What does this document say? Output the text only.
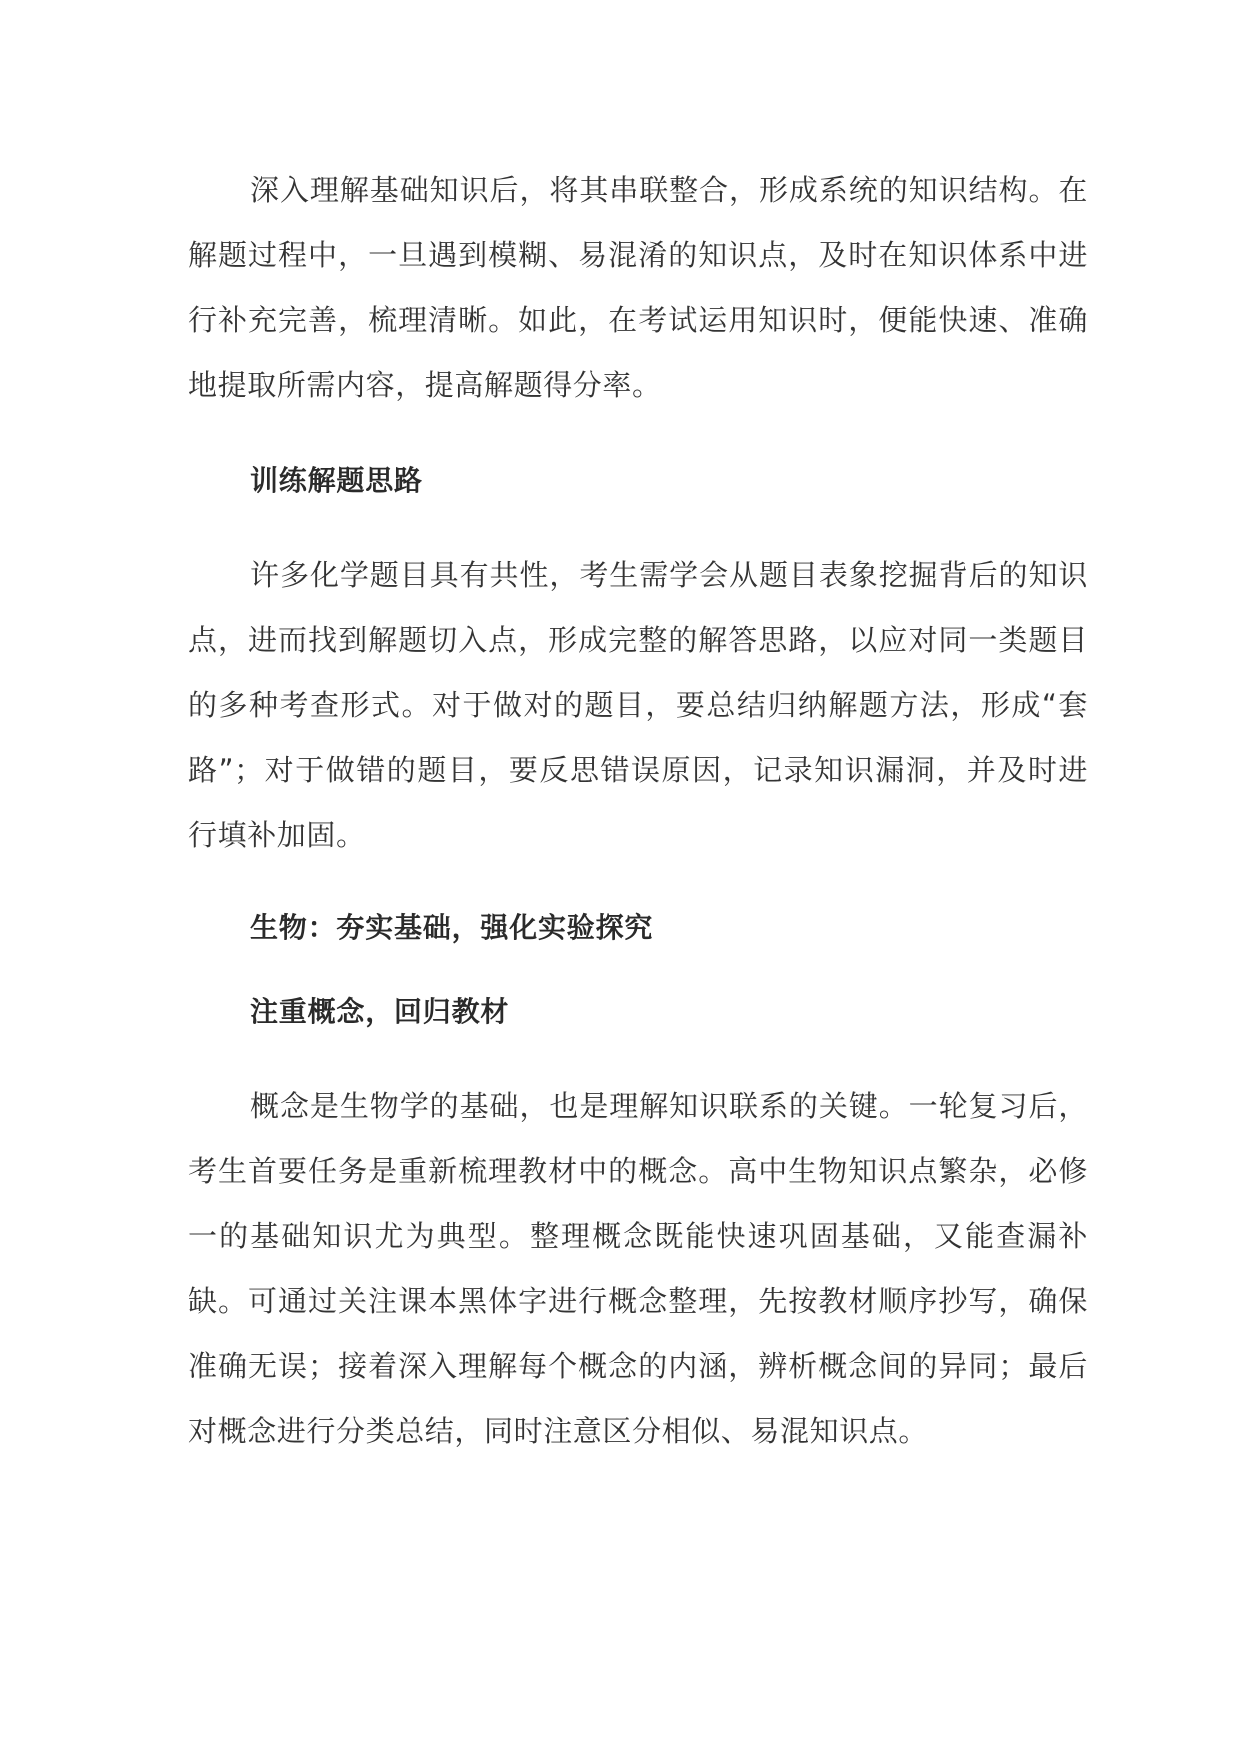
深入理解基础知识后，将其串联整合，形成系统的知识结构。在解题过程中，一旦遇到模糊、易混淆的知识点，及时在知识体系中进行补充完善，梳理清晰。如此，在考试运用知识时，便能快速、准确地提取所需内容，提高解题得分率。

训练解题思路

许多化学题目具有共性，考生需学会从题目表象挖掘背后的知识点，进而找到解题切入点，形成完整的解答思路，以应对同一类题目的多种考查形式。对于做对的题目，要总结归纳解题方法，形成“套路”；对于做错的题目，要反思错误原因，记录知识漏洞，并及时进行填补加固。

生物：夯实基础，强化实验探究
注重概念，回归教材

概念是生物学的基础，也是理解知识联系的关键。一轮复习后，考生首要任务是重新梳理教材中的概念。高中生物知识点繁杂，必修一的基础知识尤为典型。整理概念既能快速巩固基础，又能查漏补缺。可通过关注课本黑体字进行概念整理，先按教材顺序抄写，确保准确无误；接着深入理解每个概念的内涵，辨析概念间的异同；最后对概念进行分类总结，同时注意区分相似、易混知识点。
